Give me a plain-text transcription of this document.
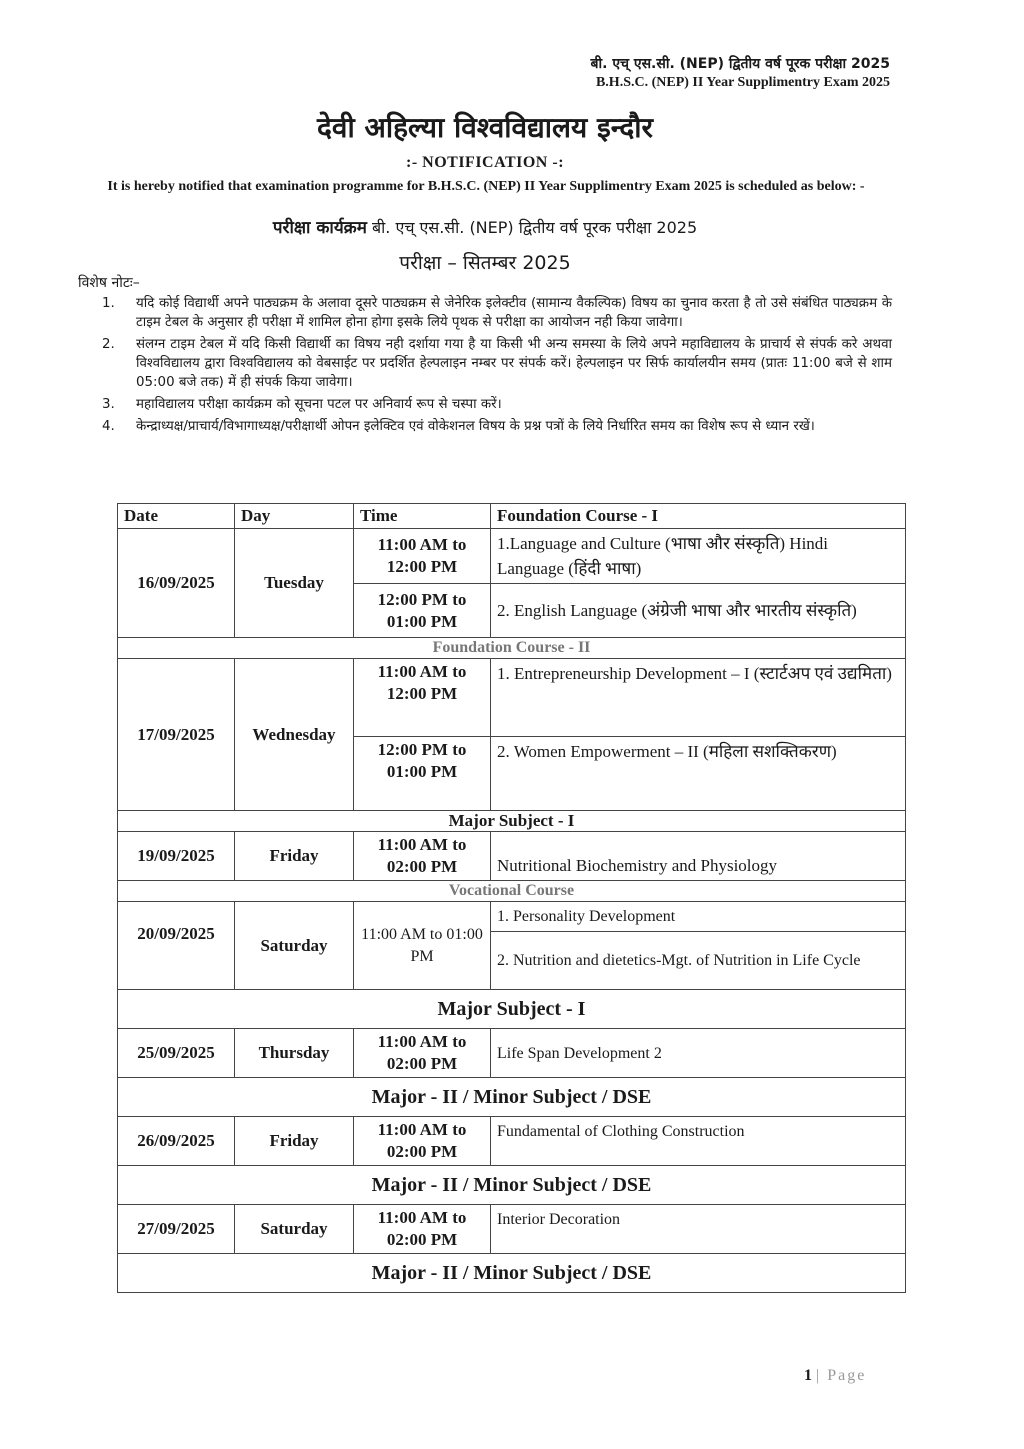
बी. एच् एस.सी. (NEP) द्वितीय वर्ष पूरक परीक्षा 2025
B.H.S.C. (NEP) II Year Supplimentry Exam 2025
देवी अहिल्या विश्वविद्यालय इन्दौर
:- NOTIFICATION -:
It is hereby notified that examination programme for B.H.S.C. (NEP) II Year Supplimentry Exam 2025 is scheduled as below: -
परीक्षा कार्यक्रम बी. एच् एस.सी. (NEP) द्वितीय वर्ष पूरक परीक्षा 2025
परीक्षा – सितम्बर 2025
विशेष नोटः–
1. यदि कोई विद्यार्थी अपने पाठ्यक्रम के अलावा दूसरे पाठ्यक्रम से जेनेरिक इलेक्टीव (सामान्य वैकल्पिक) विषय का चुनाव करता है तो उसे संबंधित पाठ्यक्रम के टाइम टेबल के अनुसार ही परीक्षा में शामिल होना होगा इसके लिये पृथक से परीक्षा का आयोजन नही किया जावेगा।
2. संलग्न टाइम टेबल में यदि किसी विद्यार्थी का विषय नही दर्शाया गया है या किसी भी अन्य समस्या के लिये अपने महाविद्यालय के प्राचार्य से संपर्क करे अथवा विश्वविद्यालय द्वारा विश्वविद्यालय को वेबसाईट पर प्रदर्शित हेल्पलाइन नम्बर पर संपर्क करें। हेल्पलाइन पर सिर्फ कार्यालयीन समय (प्रातः 11:00 बजे से शाम 05:00 बजे तक) में ही संपर्क किया जावेगा।
3. महाविद्यालय परीक्षा कार्यक्रम को सूचना पटल पर अनिवार्य रूप से चस्पा करें।
4. केन्द्राध्यक्ष/प्राचार्य/विभागाध्यक्ष/परीक्षार्थी ओपन इलेक्टिव एवं वोकेशनल विषय के प्रश्न पत्रों के लिये निर्धारित समय का विशेष रूप से ध्यान रखें।
Date	Day	Time	Foundation Course - I
16/09/2025	Tuesday	11:00 AM to 12:00 PM	1.Language and Culture (भाषा और संस्कृति) Hindi Language (हिंदी भाषा)
		12:00 PM to 01:00 PM	2. English Language (अंग्रेजी भाषा और भारतीय संस्कृति)
Foundation Course - II			
17/09/2025	Wednesday	11:00 AM to 12:00 PM	1. Entrepreneurship Development – I (स्टार्टअप एवं उद्यमिता)
		12:00 PM to 01:00 PM	2. Women Empowerment – II (महिला सशक्तिकरण)
Major Subject - I			
19/09/2025	Friday	11:00 AM to 02:00 PM	Nutritional Biochemistry and Physiology
Vocational Course			
20/09/2025	Saturday	11:00 AM to 01:00 PM	1. Personality Development
			2. Nutrition and dietetics-Mgt. of Nutrition in Life Cycle
Major Subject - I			
25/09/2025	Thursday	11:00 AM to 02:00 PM	Life Span Development 2
Major - II / Minor Subject / DSE			
26/09/2025	Friday	11:00 AM to 02:00 PM	Fundamental of Clothing Construction
Major - II / Minor Subject / DSE			
27/09/2025	Saturday	11:00 AM to 02:00 PM	Interior Decoration
Major - II / Minor Subject / DSE			
1 | Page
